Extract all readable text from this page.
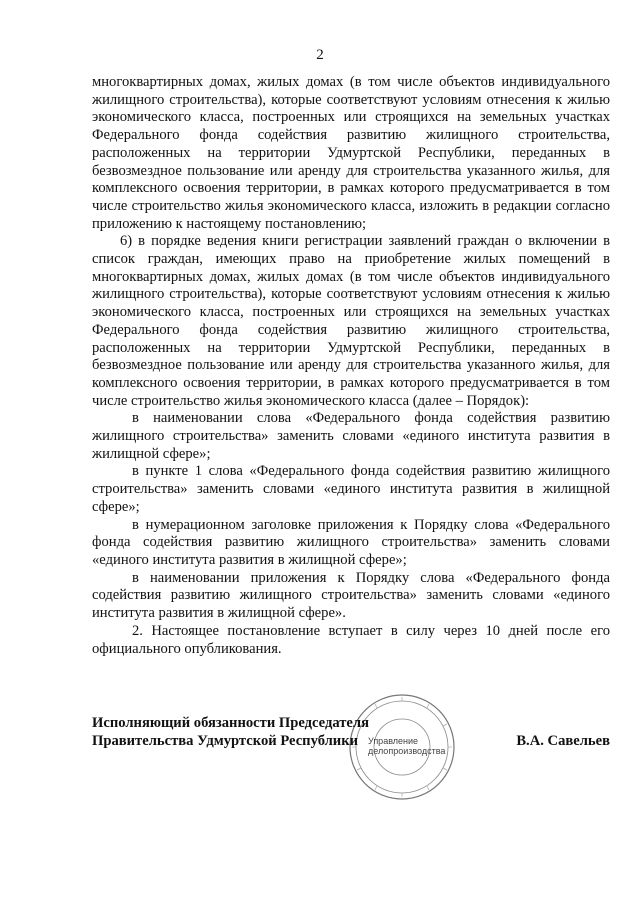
2

многоквартирных домах, жилых домах (в том числе объектов индивидуального жилищного строительства), которые соответствуют условиям отнесения к жилью экономического класса, построенных или строящихся на земельных участках Федерального фонда содействия развитию жилищного строительства, расположенных на территории Удмуртской Республики, переданных в безвозмездное пользование или аренду для строительства указанного жилья, для комплексного освоения территории, в рамках которого предусматривается в том числе строительство жилья экономического класса, изложить в редакции согласно приложению к настоящему постановлению;

6) в порядке ведения книги регистрации заявлений граждан о включении в список граждан, имеющих право на приобретение жилых помещений в многоквартирных домах, жилых домах (в том числе объектов индивидуального жилищного строительства), которые соответствуют условиям отнесения к жилью экономического класса, построенных или строящихся на земельных участках Федерального фонда содействия развитию жилищного строительства, расположенных на территории Удмуртской Республики, переданных в безвозмездное пользование или аренду для строительства указанного жилья, для комплексного освоения территории, в рамках которого предусматривается в том числе строительство жилья экономического класса (далее – Порядок):

в наименовании слова «Федерального фонда содействия развитию жилищного строительства» заменить словами «единого института развития в жилищной сфере»;

в пункте 1 слова «Федерального фонда содействия развитию жилищного строительства» заменить словами «единого института развития в жилищной сфере»;

в нумерационном заголовке приложения к Порядку слова «Федерального фонда содействия развитию жилищного строительства» заменить словами «единого института развития в жилищной сфере»;

в наименовании приложения к Порядку слова «Федерального фонда содействия развитию жилищного строительства» заменить словами «единого института развития в жилищной сфере».

2. Настоящее постановление вступает в силу через 10 дней после его официального опубликования.

Управление
делопроизводства
Исполняющий обязанности Председателя
Правительства Удмуртской Республики	В.А. Савельев
